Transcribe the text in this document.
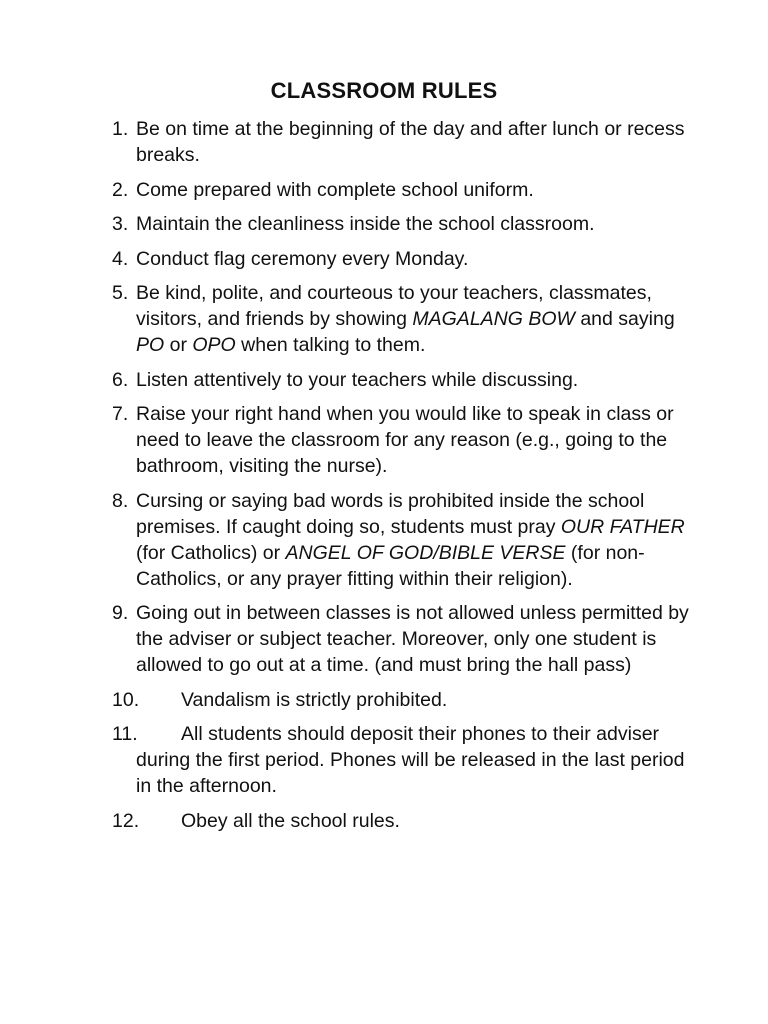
CLASSROOM RULES
1. Be on time at the beginning of the day and after lunch or recess breaks.
2. Come prepared with complete school uniform.
3. Maintain the cleanliness inside the school classroom.
4. Conduct flag ceremony every Monday.
5. Be kind, polite, and courteous to your teachers, classmates, visitors, and friends by showing MAGALANG BOW and saying PO or OPO when talking to them.
6. Listen attentively to your teachers while discussing.
7. Raise your right hand when you would like to speak in class or need to leave the classroom for any reason (e.g., going to the bathroom, visiting the nurse).
8. Cursing or saying bad words is prohibited inside the school premises. If caught doing so, students must pray OUR FATHER (for Catholics) or ANGEL OF GOD/BIBLE VERSE (for non-Catholics, or any prayer fitting within their religion).
9. Going out in between classes is not allowed unless permitted by the adviser or subject teacher. Moreover, only one student is allowed to go out at a time. (and must bring the hall pass)
10. Vandalism is strictly prohibited.
11. All students should deposit their phones to their adviser during the first period. Phones will be released in the last period in the afternoon.
12. Obey all the school rules.
